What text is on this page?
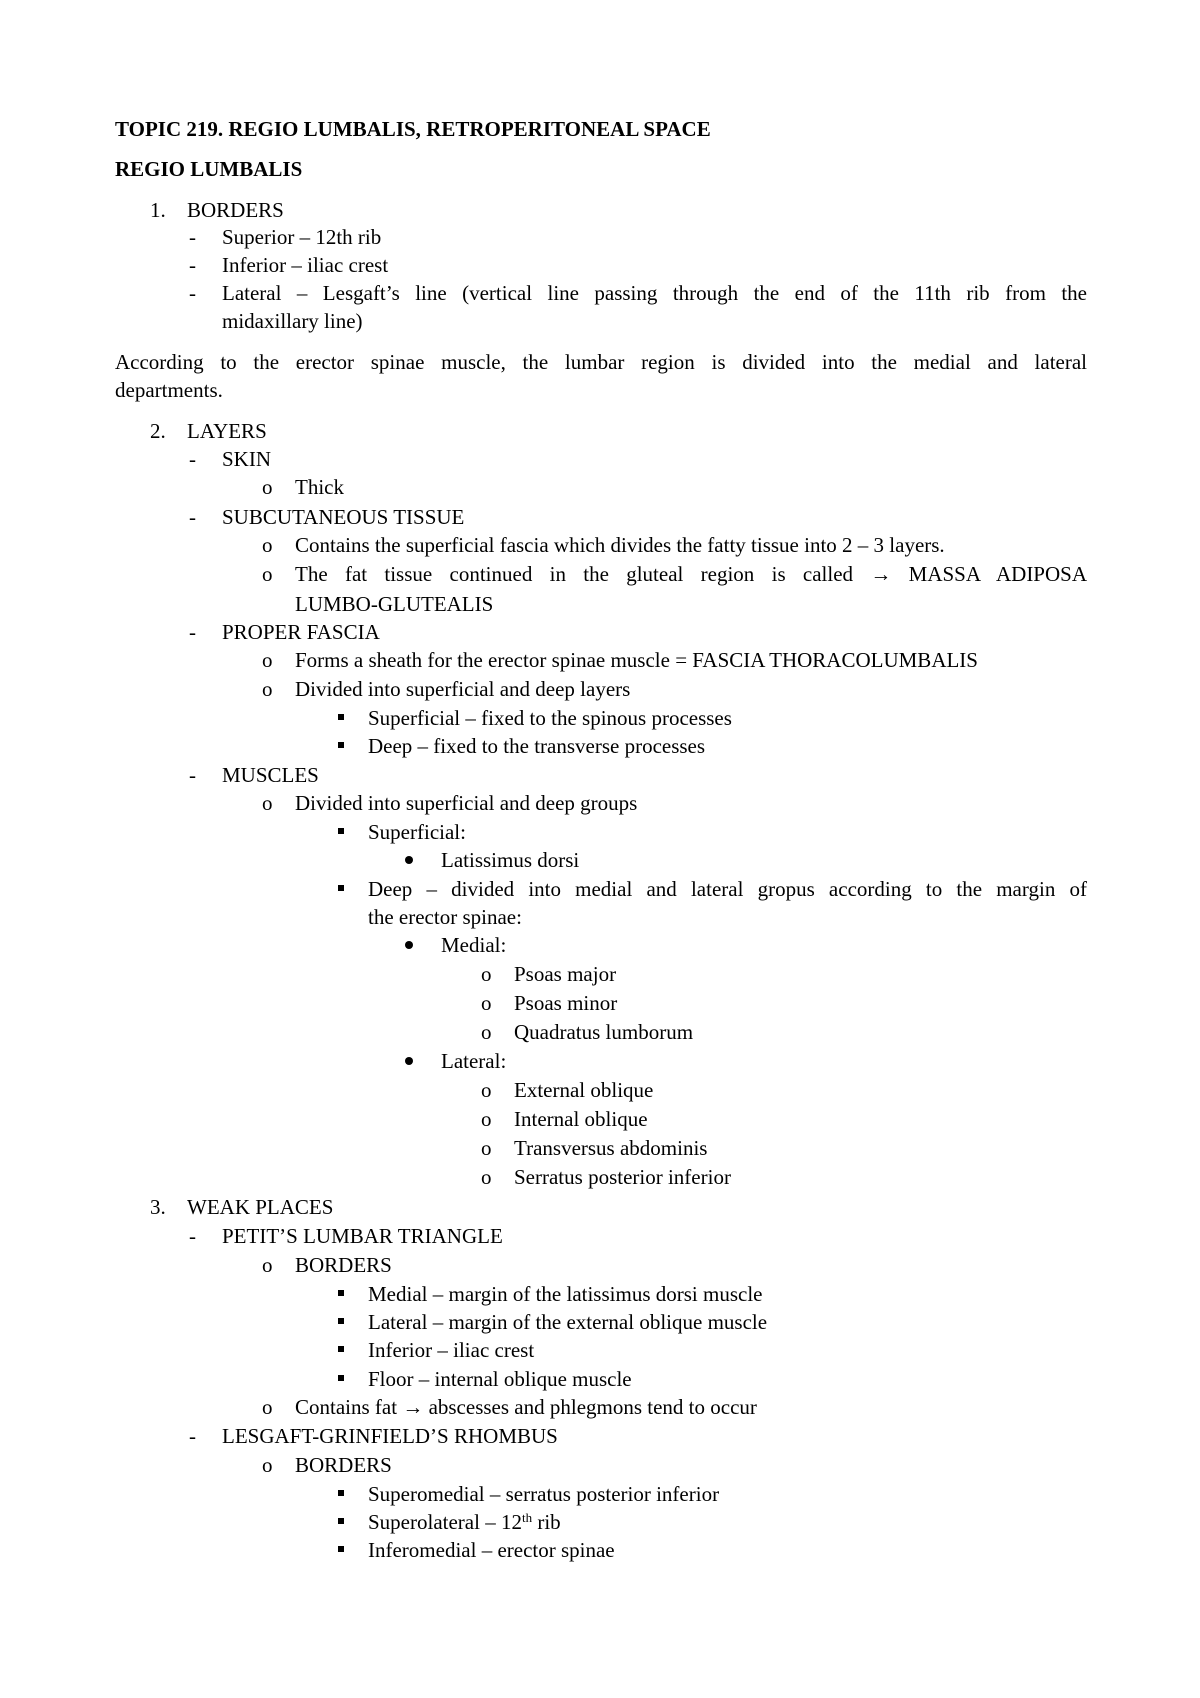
TOPIC 219. REGIO LUMBALIS, RETROPERITONEAL SPACE
REGIO LUMBALIS
1. BORDERS
- Superior – 12th rib
- Inferior – iliac crest
- Lateral – Lesgaft’s line (vertical line passing through the end of the 11th rib from the
midaxillary line)
According to the erector spinae muscle, the lumbar region is divided into the medial and lateral
departments.
2. LAYERS
- SKIN
o Thick
- SUBCUTANEOUS TISSUE
o Contains the superficial fascia which divides the fatty tissue into 2 – 3 layers.
o The fat tissue continued in the gluteal region is called → MASSA ADIPOSA
LUMBO-GLUTEALIS
- PROPER FASCIA
o Forms a sheath for the erector spinae muscle = FASCIA THORACOLUMBALIS
o Divided into superficial and deep layers
Superficial – fixed to the spinous processes
Deep – fixed to the transverse processes
- MUSCLES
o Divided into superficial and deep groups
Superficial:
Latissimus dorsi
Deep – divided into medial and lateral gropus according to the margin of
the erector spinae:
Medial:
o Psoas major
o Psoas minor
o Quadratus lumborum
Lateral:
o External oblique
o Internal oblique
o Transversus abdominis
o Serratus posterior inferior
3. WEAK PLACES
- PETIT’S LUMBAR TRIANGLE
o BORDERS
Medial – margin of the latissimus dorsi muscle
Lateral – margin of the external oblique muscle
Inferior – iliac crest
Floor – internal oblique muscle
o Contains fat → abscesses and phlegmons tend to occur
- LESGAFT-GRINFIELD’S RHOMBUS
o BORDERS
Superomedial – serratus posterior inferior
Superolateral – 12th rib
Inferomedial – erector spinae
